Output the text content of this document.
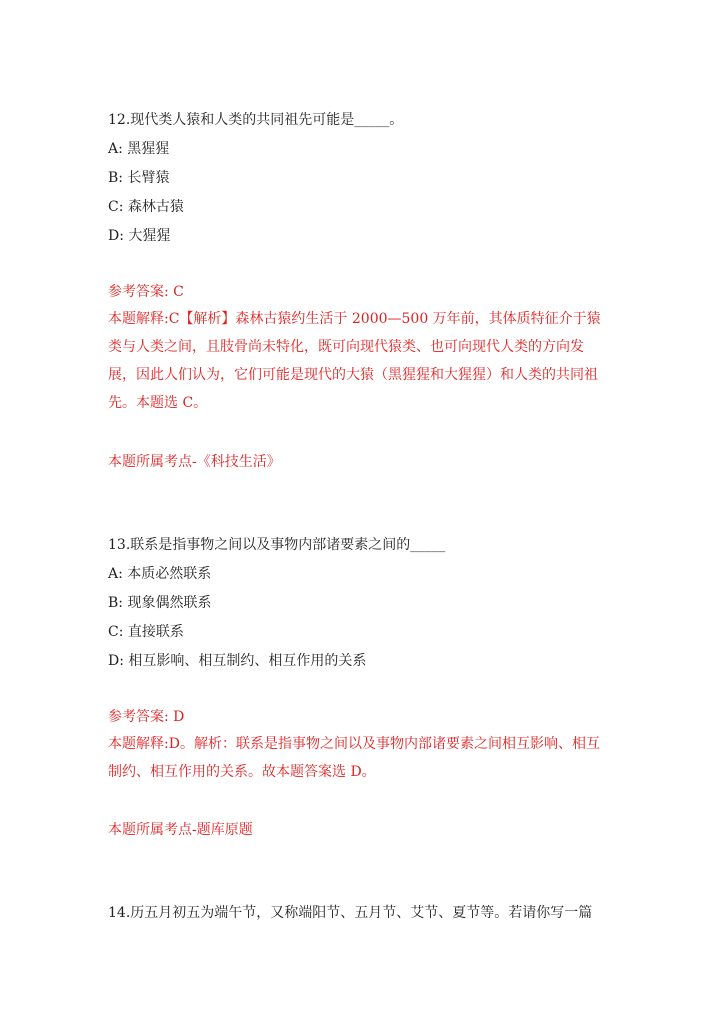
12.现代类人猿和人类的共同祖先可能是_____。
A: 黑猩猩
B: 长臂猿
C: 森林古猿
D: 大猩猩
参考答案: C
本题解释:C【解析】森林古猿约生活于 2000—500 万年前，其体质特征介于猿类与人类之间，且肢骨尚未特化，既可向现代猿类、也可向现代人类的方向发展，因此人们认为，它们可能是现代的大猿（黑猩猩和大猩猩）和人类的共同祖先。本题选 C。
本题所属考点-《科技生活》
13.联系是指事物之间以及事物内部诸要素之间的_____
A: 本质必然联系
B: 现象偶然联系
C: 直接联系
D: 相互影响、相互制约、相互作用的关系
参考答案: D
本题解释:D。解析：联系是指事物之间以及事物内部诸要素之间相互影响、相互制约、相互作用的关系。故本题答案选 D。
本题所属考点-题库原题
14.历五月初五为端午节，又称端阳节、五月节、艾节、夏节等。若请你写一篇
